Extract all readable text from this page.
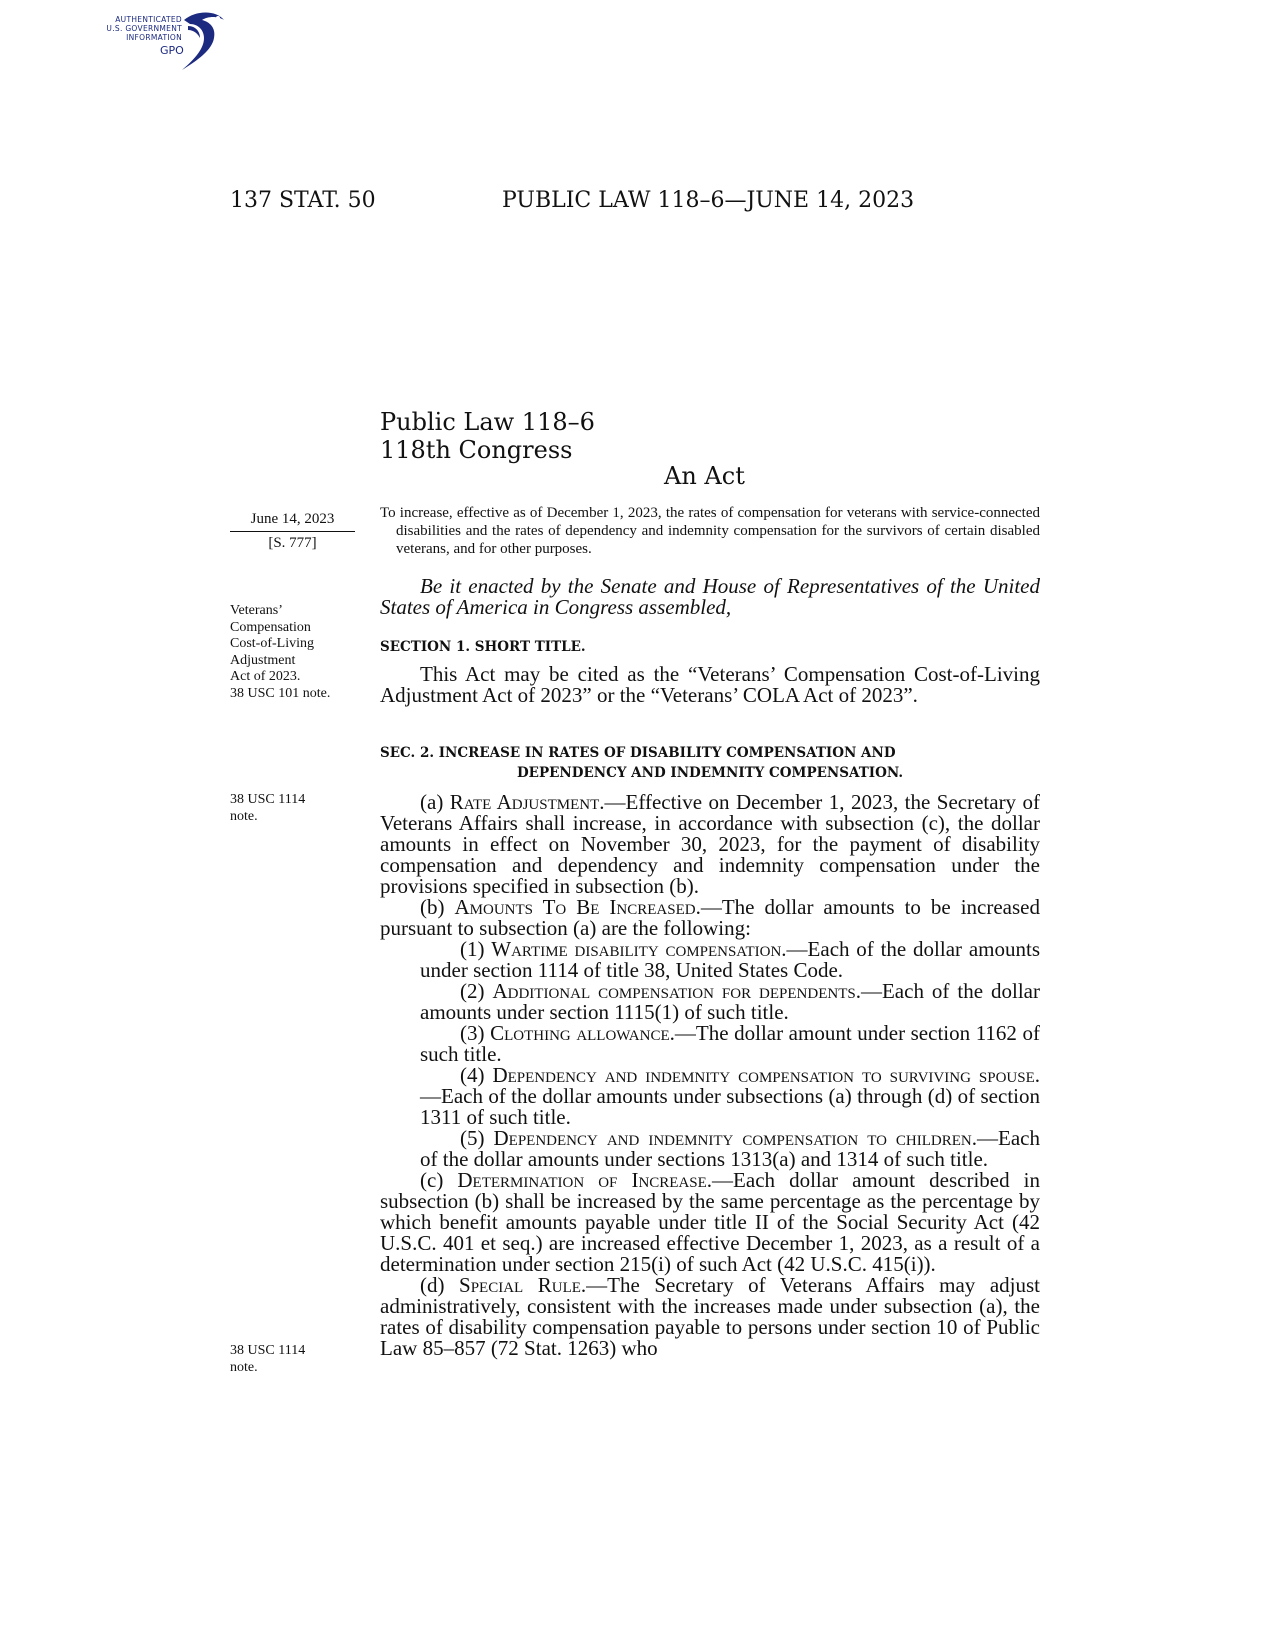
AUTHENTICATED
U.S. GOVERNMENT
INFORMATION
GPO
137 STAT. 50	PUBLIC LAW 118–6—JUNE 14, 2023
Public Law 118–6
118th Congress
An Act
June 14, 2023
[S. 777]
Veterans’
Compensation
Cost-of-Living
Adjustment
Act of 2023.
38 USC 101 note.
38 USC 1114
note.
38 USC 1114
note.

To increase, effective as of December 1, 2023, the rates of compensation for veterans with service-connected disabilities and the rates of dependency and indemnity compensation for the survivors of certain disabled veterans, and for other purposes.

Be it enacted by the Senate and House of Representatives of the United States of America in Congress assembled,

SECTION 1. SHORT TITLE.

This Act may be cited as the “Veterans’ Compensation Cost-of-Living Adjustment Act of 2023” or the “Veterans’ COLA Act of 2023”.

SEC. 2. INCREASE IN RATES OF DISABILITY COMPENSATION AND
DEPENDENCY AND INDEMNITY COMPENSATION.

(a) Rate Adjustment.—Effective on December 1, 2023, the Secretary of Veterans Affairs shall increase, in accordance with subsection (c), the dollar amounts in effect on November 30, 2023, for the payment of disability compensation and dependency and indemnity compensation under the provisions specified in subsection (b).

(b) Amounts To Be Increased.—The dollar amounts to be increased pursuant to subsection (a) are the following:

(1) Wartime disability compensation.—Each of the dollar amounts under section 1114 of title 38, United States Code.

(2) Additional compensation for dependents.—Each of the dollar amounts under section 1115(1) of such title.

(3) Clothing allowance.—The dollar amount under section 1162 of such title.

(4) Dependency and indemnity compensation to surviving spouse.—Each of the dollar amounts under subsections (a) through (d) of section 1311 of such title.

(5) Dependency and indemnity compensation to children.—Each of the dollar amounts under sections 1313(a) and 1314 of such title.

(c) Determination of Increase.—Each dollar amount described in subsection (b) shall be increased by the same percentage as the percentage by which benefit amounts payable under title II of the Social Security Act (42 U.S.C. 401 et seq.) are increased effective December 1, 2023, as a result of a determination under section 215(i) of such Act (42 U.S.C. 415(i)).

(d) Special Rule.—The Secretary of Veterans Affairs may adjust administratively, consistent with the increases made under subsection (a), the rates of disability compensation payable to persons under section 10 of Public Law 85–857 (72 Stat. 1263) who
